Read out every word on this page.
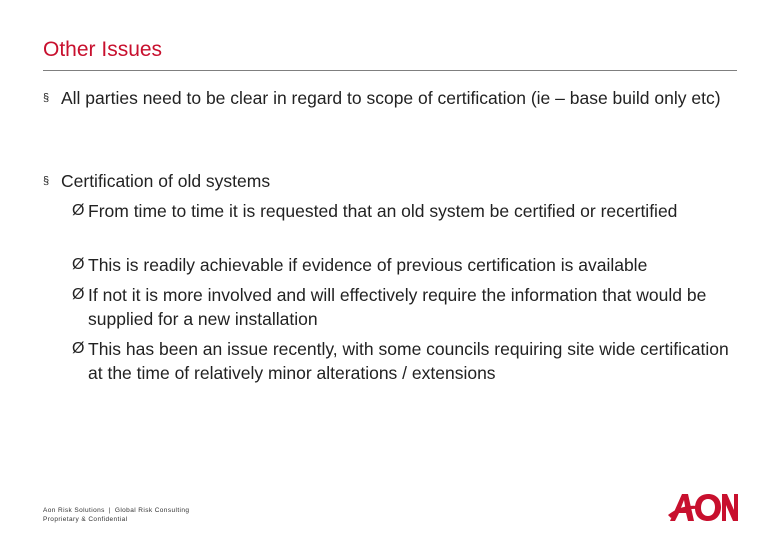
Other Issues
§ All parties need to be clear in regard to scope of certification (ie – base build only etc)
§ Certification of old systems
Ø From time to time it is requested that an old system be certified or recertified
Ø This is readily achievable if evidence of previous certification is available
Ø If not it is more involved and will effectively require the information that would be supplied for a new installation
Ø This has been an issue recently, with some councils requiring site wide certification at the time of relatively minor alterations / extensions
Aon Risk Solutions | Global Risk Consulting
Proprietary & Confidential
